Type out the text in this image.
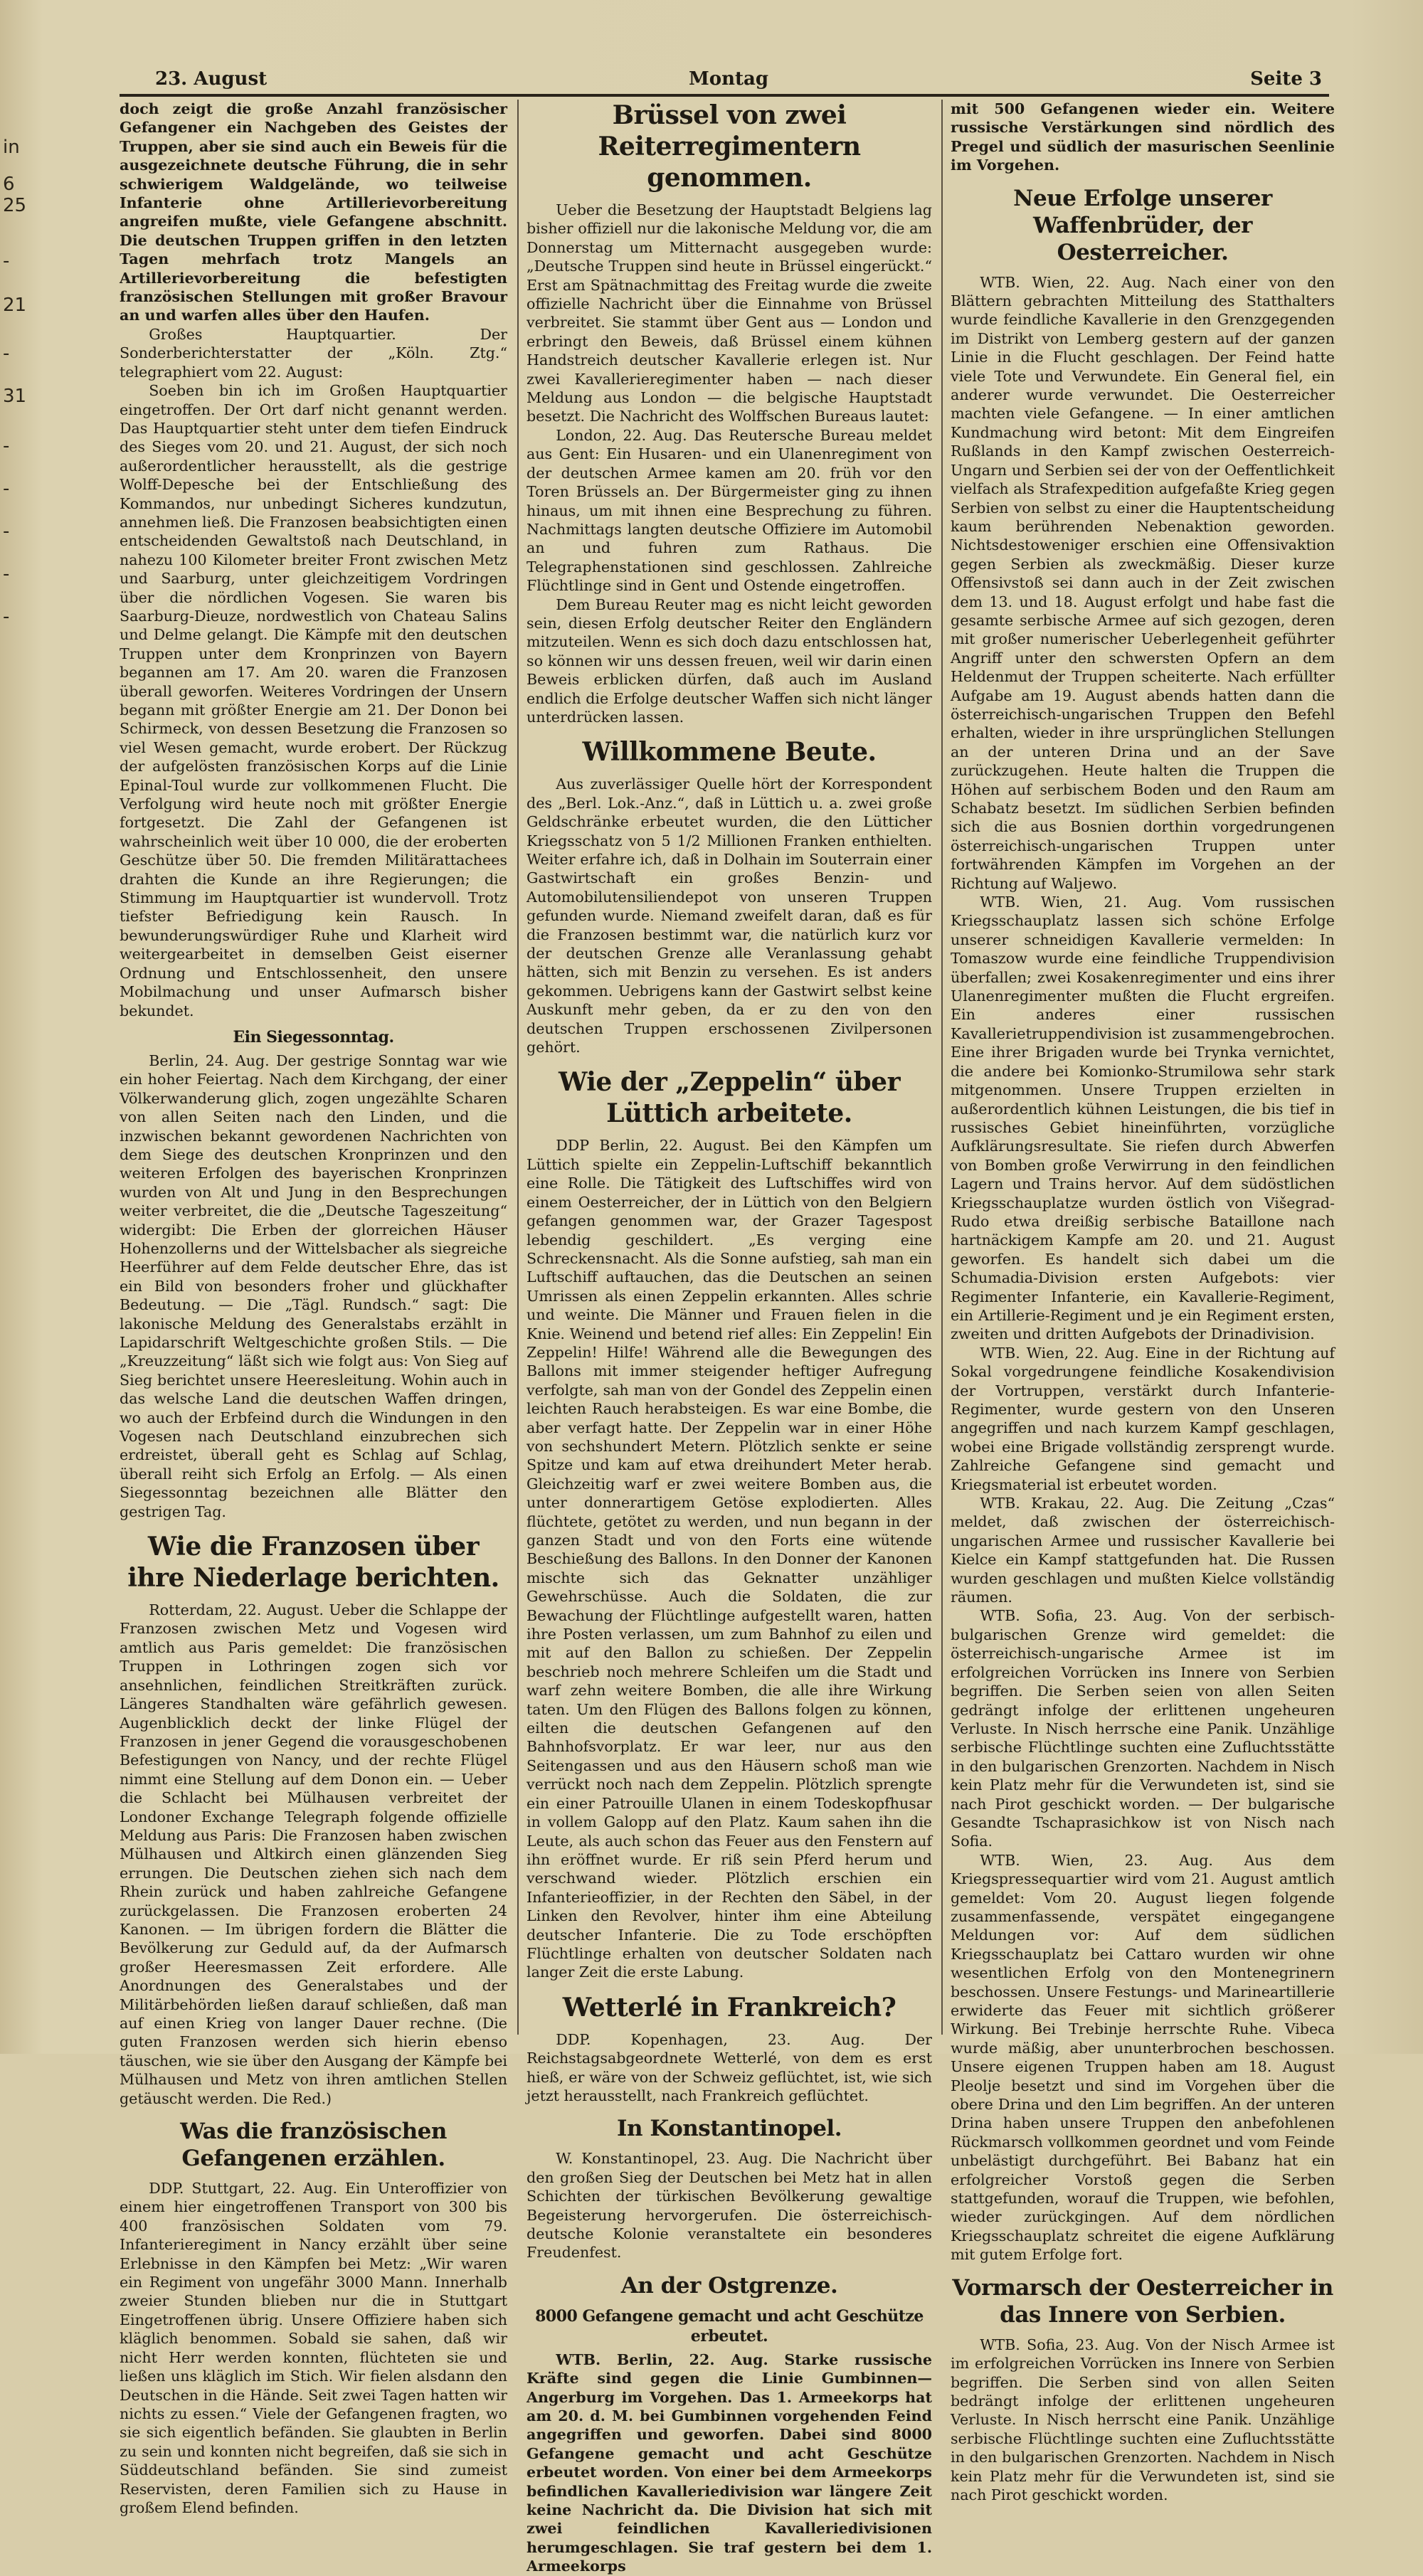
in
6
25
-
21
-
31
-
-
-
-
-
23. August	Montag	Seite 3

doch zeigt die große Anzahl französischer Gefangener ein Nachgeben des Geistes der Truppen, aber sie sind auch ein Beweis für die ausgezeichnete deutsche Führung, die in sehr schwierigem Waldgelände, wo teilweise Infanterie ohne Artillerievorbereitung angreifen mußte, viele Gefangene abschnitt. Die deutschen Truppen griffen in den letzten Tagen mehrfach trotz Mangels an Artillerievorbereitung die befestigten französischen Stellungen mit großer Bravour an und warfen alles über den Haufen.

Großes Hauptquartier. Der Sonderberichterstatter der „Köln. Ztg.“ telegraphiert vom 22. August:

Soeben bin ich im Großen Hauptquartier eingetroffen. Der Ort darf nicht genannt werden. Das Hauptquartier steht unter dem tiefen Eindruck des Sieges vom 20. und 21. August, der sich noch außerordentlicher herausstellt, als die gestrige Wolff-Depesche bei der Entschließung des Kommandos, nur unbedingt Sicheres kundzutun, annehmen ließ. Die Franzosen beabsichtigten einen entscheidenden Gewaltstoß nach Deutschland, in nahezu 100 Kilometer breiter Front zwischen Metz und Saarburg, unter gleichzeitigem Vordringen über die nördlichen Vogesen. Sie waren bis Saarburg-Dieuze, nordwestlich von Chateau Salins und Delme gelangt. Die Kämpfe mit den deutschen Truppen unter dem Kronprinzen von Bayern begannen am 17. Am 20. waren die Franzosen überall geworfen. Weiteres Vordringen der Unsern begann mit größter Energie am 21. Der Donon bei Schirmeck, von dessen Besetzung die Franzosen so viel Wesen gemacht, wurde erobert. Der Rückzug der aufgelösten französischen Korps auf die Linie Epinal-Toul wurde zur vollkommenen Flucht. Die Verfolgung wird heute noch mit größter Energie fortgesetzt. Die Zahl der Gefangenen ist wahrscheinlich weit über 10 000, die der eroberten Geschütze über 50. Die fremden Militärattachees drahten die Kunde an ihre Regierungen; die Stimmung im Hauptquartier ist wundervoll. Trotz tiefster Befriedigung kein Rausch. In bewunderungswürdiger Ruhe und Klarheit wird weitergearbeitet in demselben Geist eiserner Ordnung und Entschlossenheit, den unsere Mobilmachung und unser Aufmarsch bisher bekundet.

Ein Siegessonntag.

Berlin, 24. Aug. Der gestrige Sonntag war wie ein hoher Feiertag. Nach dem Kirchgang, der einer Völkerwanderung glich, zogen ungezählte Scharen von allen Seiten nach den Linden, und die inzwischen bekannt gewordenen Nachrichten von dem Siege des deutschen Kronprinzen und den weiteren Erfolgen des bayerischen Kronprinzen wurden von Alt und Jung in den Besprechungen weiter verbreitet, die die „Deutsche Tageszeitung“ widergibt: Die Erben der glorreichen Häuser Hohenzollerns und der Wittelsbacher als siegreiche Heerführer auf dem Felde deutscher Ehre, das ist ein Bild von besonders froher und glückhafter Bedeutung. — Die „Tägl. Rundsch.“ sagt: Die lakonische Meldung des Generalstabs erzählt in Lapidarschrift Weltgeschichte großen Stils. — Die „Kreuzzeitung“ läßt sich wie folgt aus: Von Sieg auf Sieg berichtet unsere Heeresleitung. Wohin auch in das welsche Land die deutschen Waffen dringen, wo auch der Erbfeind durch die Windungen in den Vogesen nach Deutschland einzubrechen sich erdreistet, überall geht es Schlag auf Schlag, überall reiht sich Erfolg an Erfolg. — Als einen Siegessonntag bezeichnen alle Blätter den gestrigen Tag.

Wie die Franzosen über ihre Niederlage berichten.

Rotterdam, 22. August. Ueber die Schlappe der Franzosen zwischen Metz und Vogesen wird amtlich aus Paris gemeldet: Die französischen Truppen in Lothringen zogen sich vor ansehnlichen, feindlichen Streitkräften zurück. Längeres Standhalten wäre gefährlich gewesen. Augenblicklich deckt der linke Flügel der Franzosen in jener Gegend die vorausgeschobenen Befestigungen von Nancy, und der rechte Flügel nimmt eine Stellung auf dem Donon ein. — Ueber die Schlacht bei Mülhausen verbreitet der Londoner Exchange Telegraph folgende offizielle Meldung aus Paris: Die Franzosen haben zwischen Mülhausen und Altkirch einen glänzenden Sieg errungen. Die Deutschen ziehen sich nach dem Rhein zurück und haben zahlreiche Gefangene zurückgelassen. Die Franzosen eroberten 24 Kanonen. — Im übrigen fordern die Blätter die Bevölkerung zur Geduld auf, da der Aufmarsch großer Heeresmassen Zeit erfordere. Alle Anordnungen des Generalstabes und der Militärbehörden ließen darauf schließen, daß man auf einen Krieg von langer Dauer rechne. (Die guten Franzosen werden sich hierin ebenso täuschen, wie sie über den Ausgang der Kämpfe bei Mülhausen und Metz von ihren amtlichen Stellen getäuscht werden. Die Red.)

Was die französischen Gefangenen erzählen.

DDP. Stuttgart, 22. Aug. Ein Unteroffizier von einem hier eingetroffenen Transport von 300 bis 400 französischen Soldaten vom 79. Infanterieregiment in Nancy erzählt über seine Erlebnisse in den Kämpfen bei Metz: „Wir waren ein Regiment von ungefähr 3000 Mann. Innerhalb zweier Stunden blieben nur die in Stuttgart Eingetroffenen übrig. Unsere Offiziere haben sich kläglich benommen. Sobald sie sahen, daß wir nicht Herr werden konnten, flüchteten sie und ließen uns kläglich im Stich. Wir fielen alsdann den Deutschen in die Hände. Seit zwei Tagen hatten wir nichts zu essen.“ Viele der Gefangenen fragten, wo sie sich eigentlich befänden. Sie glaubten in Berlin zu sein und konnten nicht begreifen, daß sie sich in Süddeutschland befänden. Sie sind zumeist Reservisten, deren Familien sich zu Hause in großem Elend befinden.

Brüssel von zwei Reiterregimentern genommen.

Ueber die Besetzung der Hauptstadt Belgiens lag bisher offiziell nur die lakonische Meldung vor, die am Donnerstag um Mitternacht ausgegeben wurde: „Deutsche Truppen sind heute in Brüssel eingerückt.“ Erst am Spätnachmittag des Freitag wurde die zweite offizielle Nachricht über die Einnahme von Brüssel verbreitet. Sie stammt über Gent aus — London und erbringt den Beweis, daß Brüssel einem kühnen Handstreich deutscher Kavallerie erlegen ist. Nur zwei Kavallerieregimenter haben — nach dieser Meldung aus London — die belgische Hauptstadt besetzt. Die Nachricht des Wolffschen Bureaus lautet:

London, 22. Aug. Das Reutersche Bureau meldet aus Gent: Ein Husaren- und ein Ulanenregiment von der deutschen Armee kamen am 20. früh vor den Toren Brüssels an. Der Bürgermeister ging zu ihnen hinaus, um mit ihnen eine Besprechung zu führen. Nachmittags langten deutsche Offiziere im Automobil an und fuhren zum Rathaus. Die Telegraphenstationen sind geschlossen. Zahlreiche Flüchtlinge sind in Gent und Ostende eingetroffen.

Dem Bureau Reuter mag es nicht leicht geworden sein, diesen Erfolg deutscher Reiter den Engländern mitzuteilen. Wenn es sich doch dazu entschlossen hat, so können wir uns dessen freuen, weil wir darin einen Beweis erblicken dürfen, daß auch im Ausland endlich die Erfolge deutscher Waffen sich nicht länger unterdrücken lassen.

Willkommene Beute.

Aus zuverlässiger Quelle hört der Korrespondent des „Berl. Lok.-Anz.“, daß in Lüttich u. a. zwei große Geldschränke erbeutet wurden, die den Lütticher Kriegsschatz von 5 1/2 Millionen Franken enthielten. Weiter erfahre ich, daß in Dolhain im Souterrain einer Gastwirtschaft ein großes Benzin- und Automobilutensiliendepot von unseren Truppen gefunden wurde. Niemand zweifelt daran, daß es für die Franzosen bestimmt war, die natürlich kurz vor der deutschen Grenze alle Veranlassung gehabt hätten, sich mit Benzin zu versehen. Es ist anders gekommen. Uebrigens kann der Gastwirt selbst keine Auskunft mehr geben, da er zu den von den deutschen Truppen erschossenen Zivilpersonen gehört.

Wie der „Zeppelin“ über Lüttich arbeitete.

DDP Berlin, 22. August. Bei den Kämpfen um Lüttich spielte ein Zeppelin-Luftschiff bekanntlich eine Rolle. Die Tätigkeit des Luftschiffes wird von einem Oesterreicher, der in Lüttich von den Belgiern gefangen genommen war, der Grazer Tagespost lebendig geschildert. „Es verging eine Schreckensnacht. Als die Sonne aufstieg, sah man ein Luftschiff auftauchen, das die Deutschen an seinen Umrissen als einen Zeppelin erkannten. Alles schrie und weinte. Die Männer und Frauen fielen in die Knie. Weinend und betend rief alles: Ein Zeppelin! Ein Zeppelin! Hilfe! Während alle die Bewegungen des Ballons mit immer steigender heftiger Aufregung verfolgte, sah man von der Gondel des Zeppelin einen leichten Rauch herabsteigen. Es war eine Bombe, die aber verfagt hatte. Der Zeppelin war in einer Höhe von sechshundert Metern. Plötzlich senkte er seine Spitze und kam auf etwa dreihundert Meter herab. Gleichzeitig warf er zwei weitere Bomben aus, die unter donnerartigem Getöse explodierten. Alles flüchtete, getötet zu werden, und nun begann in der ganzen Stadt und von den Forts eine wütende Beschießung des Ballons. In den Donner der Kanonen mischte sich das Geknatter unzähliger Gewehrschüsse. Auch die Soldaten, die zur Bewachung der Flüchtlinge aufgestellt waren, hatten ihre Posten verlassen, um zum Bahnhof zu eilen und mit auf den Ballon zu schießen. Der Zeppelin beschrieb noch mehrere Schleifen um die Stadt und warf zehn weitere Bomben, die alle ihre Wirkung taten. Um den Flügen des Ballons folgen zu können, eilten die deutschen Gefangenen auf den Bahnhofsvorplatz. Er war leer, nur aus den Seitengassen und aus den Häusern schoß man wie verrückt noch nach dem Zeppelin. Plötzlich sprengte ein einer Patrouille Ulanen in einem Todeskopfhusar in vollem Galopp auf den Platz. Kaum sahen ihn die Leute, als auch schon das Feuer aus den Fenstern auf ihn eröffnet wurde. Er riß sein Pferd herum und verschwand wieder. Plötzlich erschien ein Infanterieoffizier, in der Rechten den Säbel, in der Linken den Revolver, hinter ihm eine Abteilung deutscher Infanterie. Die zu Tode erschöpften Flüchtlinge erhalten von deutscher Soldaten nach langer Zeit die erste Labung.

Wetterlé in Frankreich?

DDP. Kopenhagen, 23. Aug. Der Reichstagsabgeordnete Wetterlé, von dem es erst hieß, er wäre von der Schweiz geflüchtet, ist, wie sich jetzt herausstellt, nach Frankreich geflüchtet.

In Konstantinopel.

W. Konstantinopel, 23. Aug. Die Nachricht über den großen Sieg der Deutschen bei Metz hat in allen Schichten der türkischen Bevölkerung gewaltige Begeisterung hervorgerufen. Die österreichisch-deutsche Kolonie veranstaltete ein besonderes Freudenfest.

An der Ostgrenze.
8000 Gefangene gemacht und acht Geschütze erbeutet.

WTB. Berlin, 22. Aug. Starke russische Kräfte sind gegen die Linie Gumbinnen—Angerburg im Vorgehen. Das 1. Armeekorps hat am 20. d. M. bei Gumbinnen vorgehenden Feind angegriffen und geworfen. Dabei sind 8000 Gefangene gemacht und acht Geschütze erbeutet worden. Von einer bei dem Armeekorps befindlichen Kavalleriedivision war längere Zeit keine Nachricht da. Die Division hat sich mit zwei feindlichen Kavalleriedivisionen herumgeschlagen. Sie traf gestern bei dem 1. Armeekorps

mit 500 Gefangenen wieder ein. Weitere russische Verstärkungen sind nördlich des Pregel und südlich der masurischen Seenlinie im Vorgehen.

Neue Erfolge unserer Waffenbrüder, der Oesterreicher.

WTB. Wien, 22. Aug. Nach einer von den Blättern gebrachten Mitteilung des Statthalters wurde feindliche Kavallerie in den Grenzgegenden im Distrikt von Lemberg gestern auf der ganzen Linie in die Flucht geschlagen. Der Feind hatte viele Tote und Verwundete. Ein General fiel, ein anderer wurde verwundet. Die Oesterreicher machten viele Gefangene. — In einer amtlichen Kundmachung wird betont: Mit dem Eingreifen Rußlands in den Kampf zwischen Oesterreich-Ungarn und Serbien sei der von der Oeffentlichkeit vielfach als Strafexpedition aufgefaßte Krieg gegen Serbien von selbst zu einer die Hauptentscheidung kaum berührenden Nebenaktion geworden. Nichtsdestoweniger erschien eine Offensivaktion gegen Serbien als zweckmäßig. Dieser kurze Offensivstoß sei dann auch in der Zeit zwischen dem 13. und 18. August erfolgt und habe fast die gesamte serbische Armee auf sich gezogen, deren mit großer numerischer Ueberlegenheit geführter Angriff unter den schwersten Opfern an dem Heldenmut der Truppen scheiterte. Nach erfüllter Aufgabe am 19. August abends hatten dann die österreichisch-ungarischen Truppen den Befehl erhalten, wieder in ihre ursprünglichen Stellungen an der unteren Drina und an der Save zurückzugehen. Heute halten die Truppen die Höhen auf serbischem Boden und den Raum am Schabatz besetzt. Im südlichen Serbien befinden sich die aus Bosnien dorthin vorgedrungenen österreichisch-ungarischen Truppen unter fortwährenden Kämpfen im Vorgehen an der Richtung auf Waljewo.

WTB. Wien, 21. Aug. Vom russischen Kriegsschauplatz lassen sich schöne Erfolge unserer schneidigen Kavallerie vermelden: In Tomaszow wurde eine feindliche Truppendivision überfallen; zwei Kosakenregimenter und eins ihrer Ulanenregimenter mußten die Flucht ergreifen. Ein anderes einer russischen Kavallerietruppendivision ist zusammengebrochen. Eine ihrer Brigaden wurde bei Trynka vernichtet, die andere bei Komionko-Strumilowa sehr stark mitgenommen. Unsere Truppen erzielten in außerordentlich kühnen Leistungen, die bis tief in russisches Gebiet hineinführten, vorzügliche Aufklärungsresultate. Sie riefen durch Abwerfen von Bomben große Verwirrung in den feindlichen Lagern und Trains hervor. Auf dem südöstlichen Kriegsschauplatze wurden östlich von Višegrad-Rudo etwa dreißig serbische Bataillone nach hartnäckigem Kampfe am 20. und 21. August geworfen. Es handelt sich dabei um die Schumadia-Division ersten Aufgebots: vier Regimenter Infanterie, ein Kavallerie-Regiment, ein Artillerie-Regiment und je ein Regiment ersten, zweiten und dritten Aufgebots der Drinadivision.

WTB. Wien, 22. Aug. Eine in der Richtung auf Sokal vorgedrungene feindliche Kosakendivision der Vortruppen, verstärkt durch Infanterie-Regimenter, wurde gestern von den Unseren angegriffen und nach kurzem Kampf geschlagen, wobei eine Brigade vollständig zersprengt wurde. Zahlreiche Gefangene sind gemacht und Kriegsmaterial ist erbeutet worden.

WTB. Krakau, 22. Aug. Die Zeitung „Czas“ meldet, daß zwischen der österreichisch-ungarischen Armee und russischer Kavallerie bei Kielce ein Kampf stattgefunden hat. Die Russen wurden geschlagen und mußten Kielce vollständig räumen.

WTB. Sofia, 23. Aug. Von der serbisch-bulgarischen Grenze wird gemeldet: die österreichisch-ungarische Armee ist im erfolgreichen Vorrücken ins Innere von Serbien begriffen. Die Serben seien von allen Seiten gedrängt infolge der erlittenen ungeheuren Verluste. In Nisch herrsche eine Panik. Unzählige serbische Flüchtlinge suchten eine Zufluchtsstätte in den bulgarischen Grenzorten. Nachdem in Nisch kein Platz mehr für die Verwundeten ist, sind sie nach Pirot geschickt worden. — Der bulgarische Gesandte Tschaprasichkow ist von Nisch nach Sofia.

WTB. Wien, 23. Aug. Aus dem Kriegspressequartier wird vom 21. August amtlich gemeldet: Vom 20. August liegen folgende zusammenfassende, verspätet eingegangene Meldungen vor: Auf dem südlichen Kriegsschauplatz bei Cattaro wurden wir ohne wesentlichen Erfolg von den Montenegrinern beschossen. Unsere Festungs- und Marineartillerie erwiderte das Feuer mit sichtlich größerer Wirkung. Bei Trebinje herrschte Ruhe. Vibeca wurde mäßig, aber ununterbrochen beschossen. Unsere eigenen Truppen haben am 18. August Pleolje besetzt und sind im Vorgehen über die obere Drina und den Lim begriffen. An der unteren Drina haben unsere Truppen den anbefohlenen Rückmarsch vollkommen geordnet und vom Feinde unbelästigt durchgeführt. Bei Babanz hat ein erfolgreicher Vorstoß gegen die Serben stattgefunden, worauf die Truppen, wie befohlen, wieder zurückgingen. Auf dem nördlichen Kriegsschauplatz schreitet die eigene Aufklärung mit gutem Erfolge fort.

Vormarsch der Oesterreicher in das Innere von Serbien.

WTB. Sofia, 23. Aug. Von der Nisch Armee ist im erfolgreichen Vorrücken ins Innere von Serbien begriffen. Die Serben sind von allen Seiten bedrängt infolge der erlittenen ungeheuren Verluste. In Nisch herrscht eine Panik. Unzählige serbische Flüchtlinge suchten eine Zufluchtsstätte in den bulgarischen Grenzorten. Nachdem in Nisch kein Platz mehr für die Verwundeten ist, sind sie nach Pirot geschickt worden.
